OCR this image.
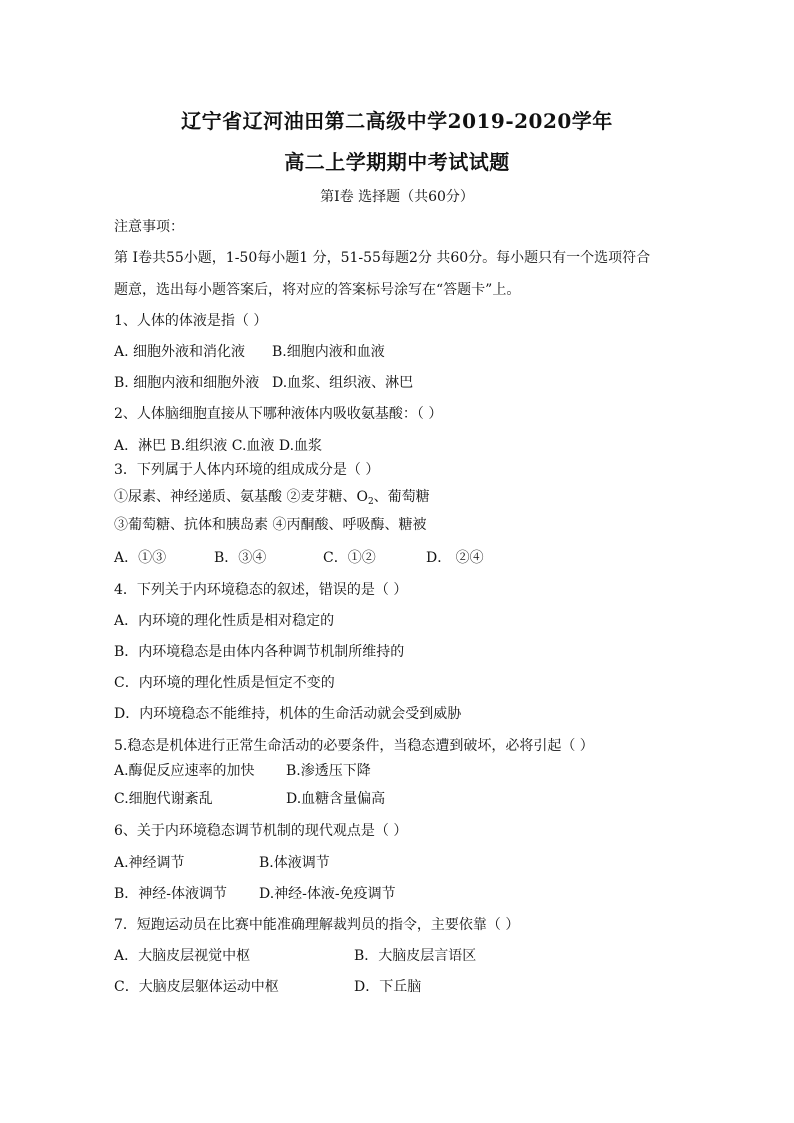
辽宁省辽河油田第二高级中学2019-2020学年
高二上学期期中考试试题
第Ⅰ卷 选择题（共60分）
注意事项：
第 Ⅰ卷共55小题，1-50每小题1 分，51-55每题2分 共60分。每小题只有一个选项符合
题意，选出每小题答案后，将对应的答案标号涂写在“答题卡”上。
1、人体的体液是指（ ）
A. 细胞外液和消化液 B.细胞内液和血液
B. 细胞内液和细胞外液 D.血浆、组织液、淋巴
2、人体脑细胞直接从下哪种液体内吸收氨基酸：（ ）
A．淋巴 B.组织液 C.血液 D.血浆
3．下列属于人体内环境的组成成分是（ ）
①尿素、神经递质、氨基酸 ②麦芽糖、$O_2$、葡萄糖
③葡萄糖、抗体和胰岛素 ④丙酮酸、呼吸酶、糖被
A．①③	B．③④	C．①②	D． ②④
4．下列关于内环境稳态的叙述，错误的是（ ）
A．内环境的理化性质是相对稳定的
B．内环境稳态是由体内各种调节机制所维持的
C．内环境的理化性质是恒定不变的
D．内环境稳态不能维持，机体的生命活动就会受到威胁
5.稳态是机体进行正常生命活动的必要条件，当稳态遭到破坏，必将引起（ ）
A.酶促反应速率的加快 B.渗透压下降
C.细胞代谢紊乱	D.血糖含量偏高
6、关于内环境稳态调节机制的现代观点是（ ）
A.神经调节	B.体液调节
B．神经-体液调节 D.神经-体液-免疫调节
7．短跑运动员在比赛中能准确理解裁判员的指令，主要依靠（ ）
A．大脑皮层视觉中枢	B．大脑皮层言语区
C．大脑皮层躯体运动中枢	D．下丘脑
